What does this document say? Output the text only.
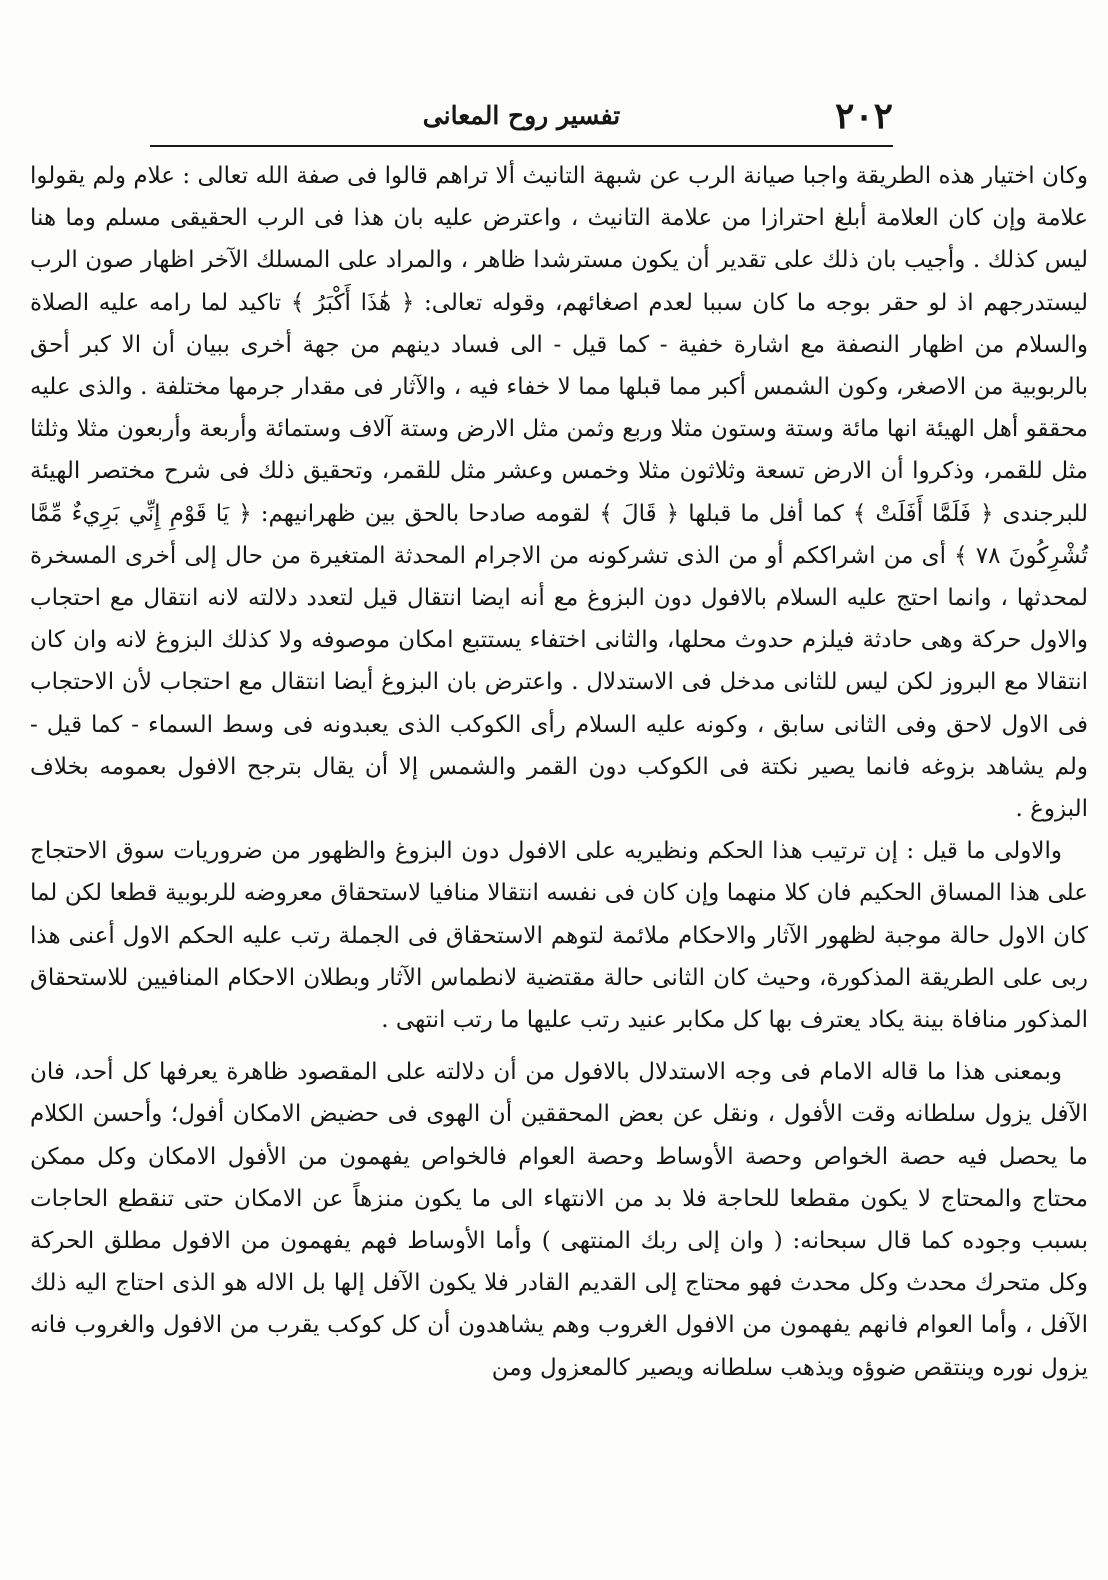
٢٠٢
تفسير روح المعانى

وكان اختيار هذه الطريقة واجبا صيانة الرب عن شبهة التانيث ألا تراهم قالوا فى صفة الله تعالى : علام ولم يقولوا علامة وإن كان العلامة أبلغ احترازا من علامة التانيث ، واعترض عليه بان هذا فى الرب الحقيقى مسلم وما هنا ليس كذلك . وأجيب بان ذلك على تقدير أن يكون مسترشدا ظاهر ، والمراد على المسلك الآخر اظهار صون الرب ليستدرجهم اذ لو حقر بوجه ما كان سببا لعدم اصغائهم، وقوله تعالى: ﴿ هَٰذَا أَكْبَرُ ﴾ تاكيد لما رامه عليه الصلاة والسلام من اظهار النصفة مع اشارة خفية - كما قيل - الى فساد دينهم من جهة أخرى ببيان أن الا كبر أحق بالربوبية من الاصغر، وكون الشمس أكبر مما قبلها مما لا خفاء فيه ، والآثار فى مقدار جرمها مختلفة . والذى عليه محققو أهل الهيئة انها مائة وستة وستون مثلا وربع وثمن مثل الارض وستة آلاف وستمائة وأربعة وأربعون مثلا وثلثا مثل للقمر، وذكروا أن الارض تسعة وثلاثون مثلا وخمس وعشر مثل للقمر، وتحقيق ذلك فى شرح مختصر الهيئة للبرجندى ﴿ فَلَمَّا أَفَلَتْ ﴾ كما أفل ما قبلها ﴿ قَالَ ﴾ لقومه صادحا بالحق بين ظهرانيهم: ﴿ يَا قَوْمِ إِنِّي بَرِيءٌ مِّمَّا تُشْرِكُونَ ٧٨ ﴾ أى من اشراككم أو من الذى تشركونه من الاجرام المحدثة المتغيرة من حال إلى أخرى المسخرة لمحدثها ، وانما احتج عليه السلام بالافول دون البزوغ مع أنه ايضا انتقال قيل لتعدد دلالته لانه انتقال مع احتجاب والاول حركة وهى حادثة فيلزم حدوث محلها، والثانى اختفاء يستتبع امكان موصوفه ولا كذلك البزوغ لانه وان كان انتقالا مع البروز لكن ليس للثانى مدخل فى الاستدلال . واعترض بان البزوغ أيضا انتقال مع احتجاب لأن الاحتجاب فى الاول لاحق وفى الثانى سابق ، وكونه عليه السلام رأى الكوكب الذى يعبدونه فى وسط السماء - كما قيل - ولم يشاهد بزوغه فانما يصير نكتة فى الكوكب دون القمر والشمس إلا أن يقال بترجح الافول بعمومه بخلاف البزوغ .

والاولى ما قيل : إن ترتيب هذا الحكم ونظيريه على الافول دون البزوغ والظهور من ضروريات سوق الاحتجاج على هذا المساق الحكيم فان كلا منهما وإن كان فى نفسه انتقالا منافيا لاستحقاق معروضه للربوبية قطعا لكن لما كان الاول حالة موجبة لظهور الآثار والاحكام ملائمة لتوهم الاستحقاق فى الجملة رتب عليه الحكم الاول أعنى هذا ربى على الطريقة المذكورة، وحيث كان الثانى حالة مقتضية لانطماس الآثار وبطلان الاحكام المنافيين للاستحقاق المذكور منافاة بينة يكاد يعترف بها كل مكابر عنيد رتب عليها ما رتب انتهى .

وبمعنى هذا ما قاله الامام فى وجه الاستدلال بالافول من أن دلالته على المقصود ظاهرة يعرفها كل أحد، فان الآفل يزول سلطانه وقت الأفول ، ونقل عن بعض المحققين أن الهوى فى حضيض الامكان أفول؛ وأحسن الكلام ما يحصل فيه حصة الخواص وحصة الأوساط وحصة العوام فالخواص يفهمون من الأفول الامكان وكل ممكن محتاج والمحتاج لا يكون مقطعا للحاجة فلا بد من الانتهاء الى ما يكون منزهاً عن الامكان حتى تنقطع الحاجات بسبب وجوده كما قال سبحانه: ( وان إلى ربك المنتهى ) وأما الأوساط فهم يفهمون من الافول مطلق الحركة وكل متحرك محدث وكل محدث فهو محتاج إلى القديم القادر فلا يكون الآفل إلها بل الاله هو الذى احتاج اليه ذلك الآفل ، وأما العوام فانهم يفهمون من الافول الغروب وهم يشاهدون أن كل كوكب يقرب من الافول والغروب فانه يزول نوره وينتقص ضوؤه ويذهب سلطانه ويصير كالمعزول ومن
